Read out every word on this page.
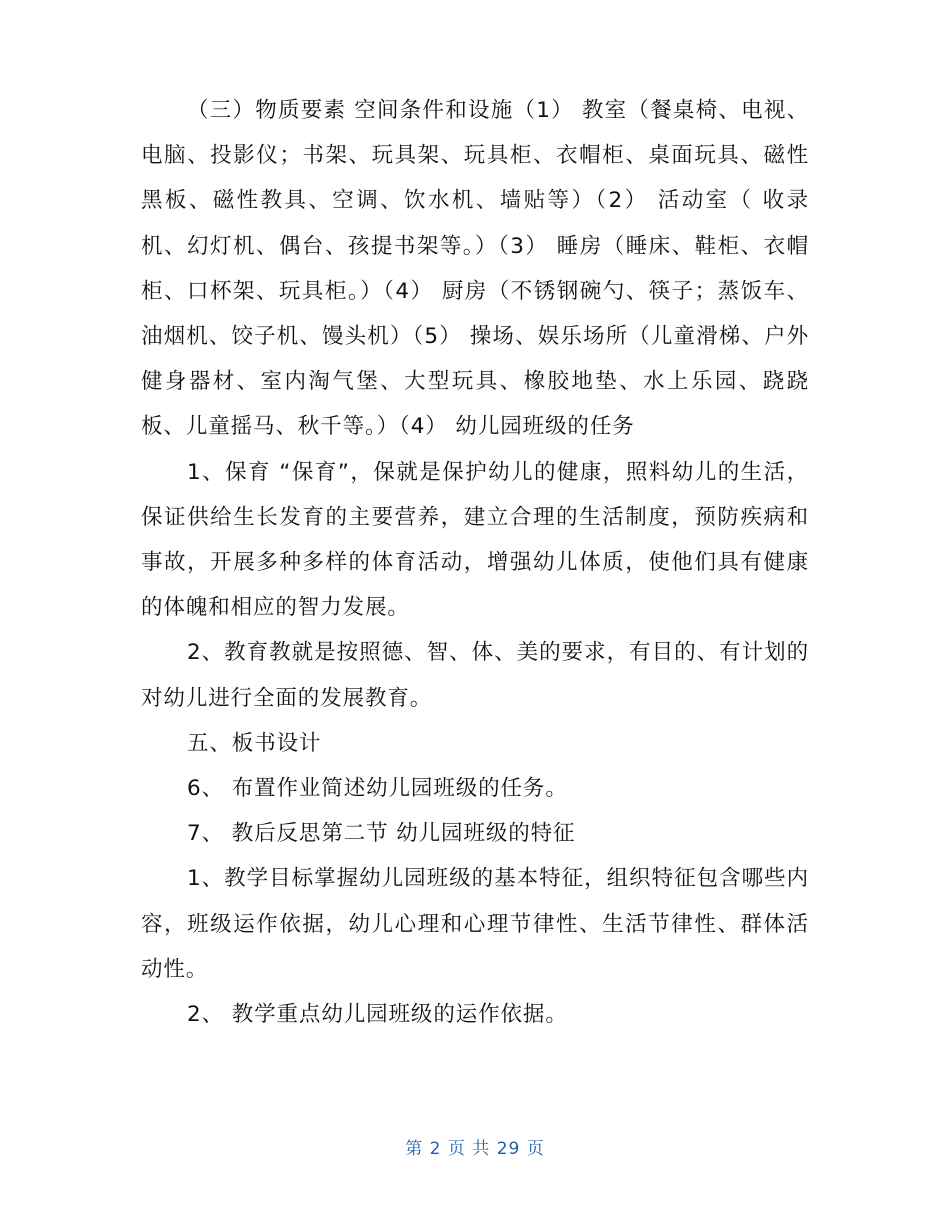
（三）物质要素 空间条件和设施（1） 教室（餐桌椅、电视、电脑、投影仪；书架、玩具架、玩具柜、衣帽柜、桌面玩具、磁性黑板、磁性教具、空调、饮水机、墙贴等）（2） 活动室（ 收录机、幻灯机、偶台、孩提书架等。）（3） 睡房（睡床、鞋柜、衣帽柜、口杯架、玩具柜。）（4） 厨房（不锈钢碗勺、筷子；蒸饭车、油烟机、饺子机、馒头机）（5） 操场、娱乐场所（儿童滑梯、户外健身器材、室内淘气堡、大型玩具、橡胶地垫、水上乐园、跷跷板、儿童摇马、秋千等。）（4） 幼儿园班级的任务

1、保育 “保育”，保就是保护幼儿的健康，照料幼儿的生活，保证供给生长发育的主要营养，建立合理的生活制度，预防疾病和事故，开展多种多样的体育活动，增强幼儿体质，使他们具有健康的体魄和相应的智力发展。

2、教育教就是按照德、智、体、美的要求，有目的、有计划的对幼儿进行全面的发展教育。

五、板书设计

6、 布置作业简述幼儿园班级的任务。

7、 教后反思第二节 幼儿园班级的特征

1、教学目标掌握幼儿园班级的基本特征，组织特征包含哪些内容，班级运作依据，幼儿心理和心理节律性、生活节律性、群体活动性。

2、 教学重点幼儿园班级的运作依据。

第 2 页 共 29 页
